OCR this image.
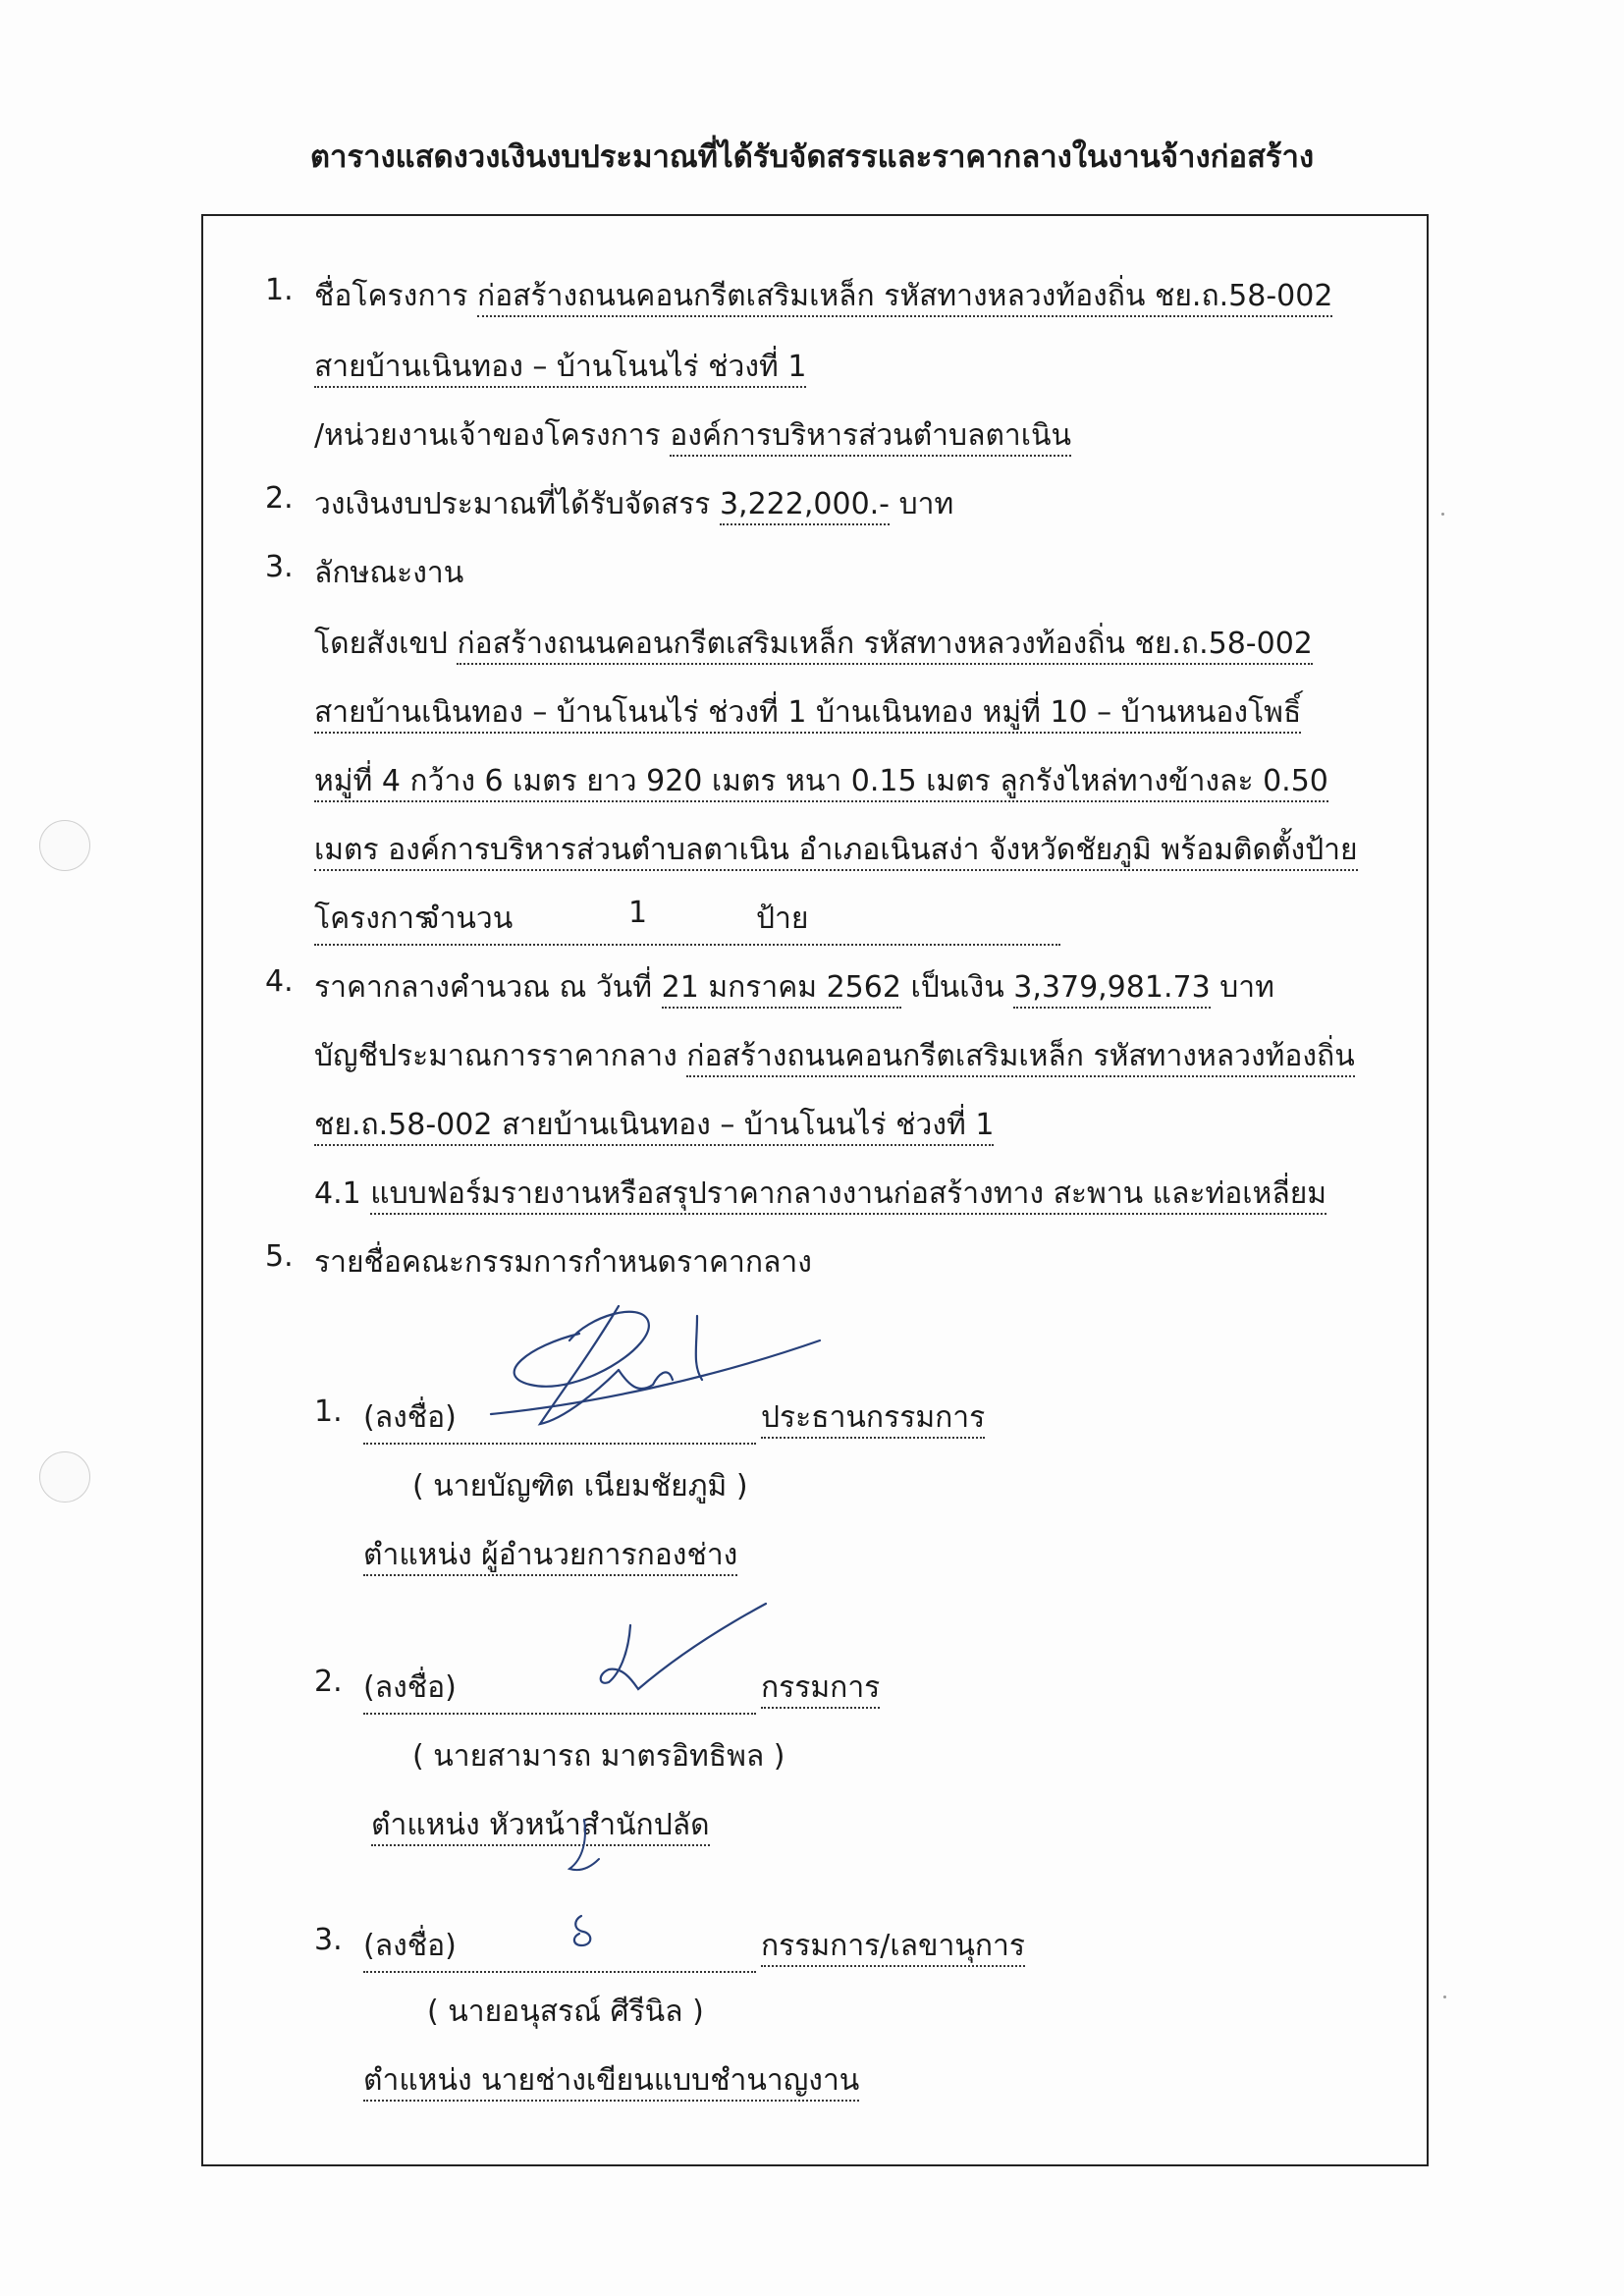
ตารางแสดงวงเงินงบประมาณที่ได้รับจัดสรรและราคากลางในงานจ้างก่อสร้าง
1. ชื่อโครงการ ก่อสร้างถนนคอนกรีตเสริมเหล็ก รหัสทางหลวงท้องถิ่น ชย.ถ.58-002
สายบ้านเนินทอง – บ้านโนนไร่ ช่วงที่ 1
/หน่วยงานเจ้าของโครงการ องค์การบริหารส่วนตำบลตาเนิน
2. วงเงินงบประมาณที่ได้รับจัดสรร 3,222,000.- บาท
3. ลักษณะงาน
โดยสังเขป ก่อสร้างถนนคอนกรีตเสริมเหล็ก รหัสทางหลวงท้องถิ่น ชย.ถ.58-002
สายบ้านเนินทอง – บ้านโนนไร่ ช่วงที่ 1 บ้านเนินทอง หมู่ที่ 10 – บ้านหนองโพธิ์
หมู่ที่ 4 กว้าง 6 เมตร ยาว 920 เมตร หนา 0.15 เมตร ลูกรังไหล่ทางข้างละ 0.50
เมตร องค์การบริหารส่วนตำบลตาเนิน อำเภอเนินสง่า จังหวัดชัยภูมิ พร้อมติดตั้งป้าย
โครงการ
จำนวน	1	ป้าย
4. ราคากลางคำนวณ ณ วันที่ 21 มกราคม 2562 เป็นเงิน 3,379,981.73 บาท
บัญชีประมาณการราคากลาง ก่อสร้างถนนคอนกรีตเสริมเหล็ก รหัสทางหลวงท้องถิ่น
ชย.ถ.58-002 สายบ้านเนินทอง – บ้านโนนไร่ ช่วงที่ 1
4.1 แบบฟอร์มรายงานหรือสรุปราคากลางงานก่อสร้างทาง สะพาน และท่อเหลี่ยม
5. รายชื่อคณะกรรมการกำหนดราคากลาง
1. (ลงชื่อ)	ประธานกรรมการ
( นายบัญฑิต เนียมชัยภูมิ )
ตำแหน่ง ผู้อำนวยการกองช่าง
2. (ลงชื่อ)	กรรมการ
( นายสามารถ มาตรอิทธิพล )
ตำแหน่ง หัวหน้าสำนักปลัด
3. (ลงชื่อ)	กรรมการ/เลขานุการ
( นายอนุสรณ์ ศีรีนิล )
ตำแหน่ง นายช่างเขียนแบบชำนาญงาน
